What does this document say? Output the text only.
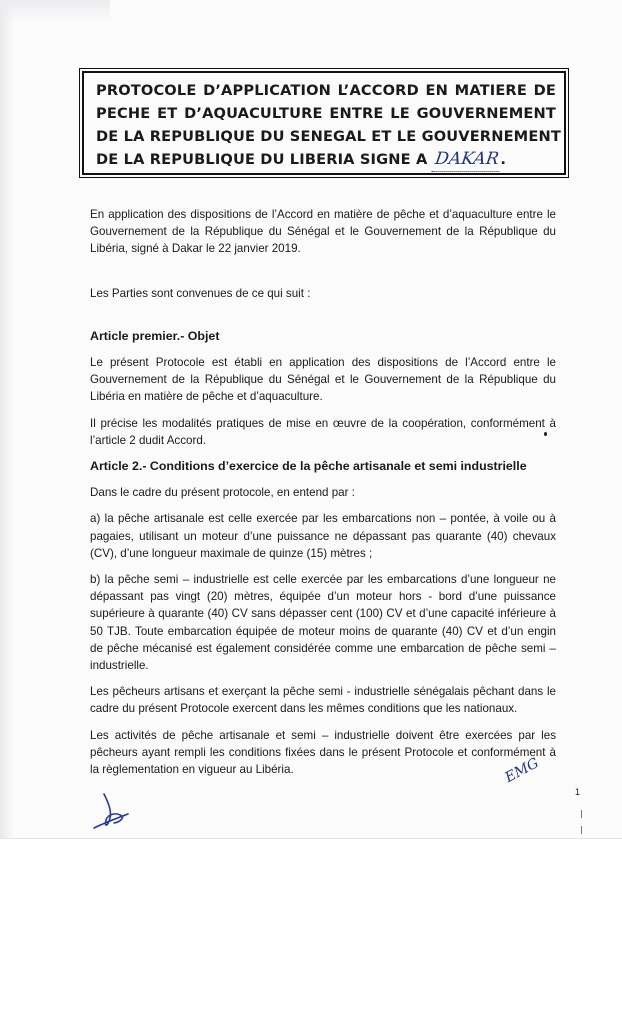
PROTOCOLE D’APPLICATION L’ACCORD EN MATIERE DE
PECHE ET D’AQUACULTURE ENTRE LE GOUVERNEMENT
DE LA REPUBLIQUE DU SENEGAL ET LE GOUVERNEMENT
DE LA REPUBLIQUE DU LIBERIA SIGNE A DAKAR.

En application des dispositions de l’Accord en matière de pêche et d’aquaculture entre le Gouvernement de la République du Sénégal et le Gouvernement de la République du Libéria, signé à Dakar le 22 janvier 2019.

Les Parties sont convenues de ce qui suit :

Article premier.- Objet

Le présent Protocole est établi en application des dispositions de l’Accord entre le Gouvernement de la République du Sénégal et le Gouvernement de la République du Libéria en matière de pêche et d’aquaculture.

Il précise les modalités pratiques de mise en œuvre de la coopération, conformément à l’article 2 dudit Accord.

Article 2.- Conditions d’exercice de la pêche artisanale et semi industrielle

Dans le cadre du présent protocole, en entend par :

a) la pêche artisanale est celle exercée par les embarcations non – pontée, à voile ou à pagaies, utilisant un moteur d’une puissance ne dépassant pas quarante (40) chevaux (CV), d’une longueur maximale de quinze (15) mètres ;

b) la pêche semi – industrielle est celle exercée par les embarcations d’une longueur ne dépassant pas vingt (20) mètres, équipée d’un moteur hors - bord d’une puissance supérieure à quarante (40) CV sans dépasser cent (100) CV et d’une capacité inférieure à 50 TJB. Toute embarcation équipée de moteur moins de quarante (40) CV et d’un engin de pêche mécanisé est également considérée comme une embarcation de pêche semi – industrielle.

Les pêcheurs artisans et exerçant la pêche semi - industrielle sénégalais pêchant dans le cadre du présent Protocole exercent dans les mêmes conditions que les nationaux.

Les activités de pêche artisanale et semi – industrielle doivent être exercées par les pêcheurs ayant rempli les conditions fixées dans le présent Protocole et conformément à la règlementation en vigueur au Libéria.	EMG
1
